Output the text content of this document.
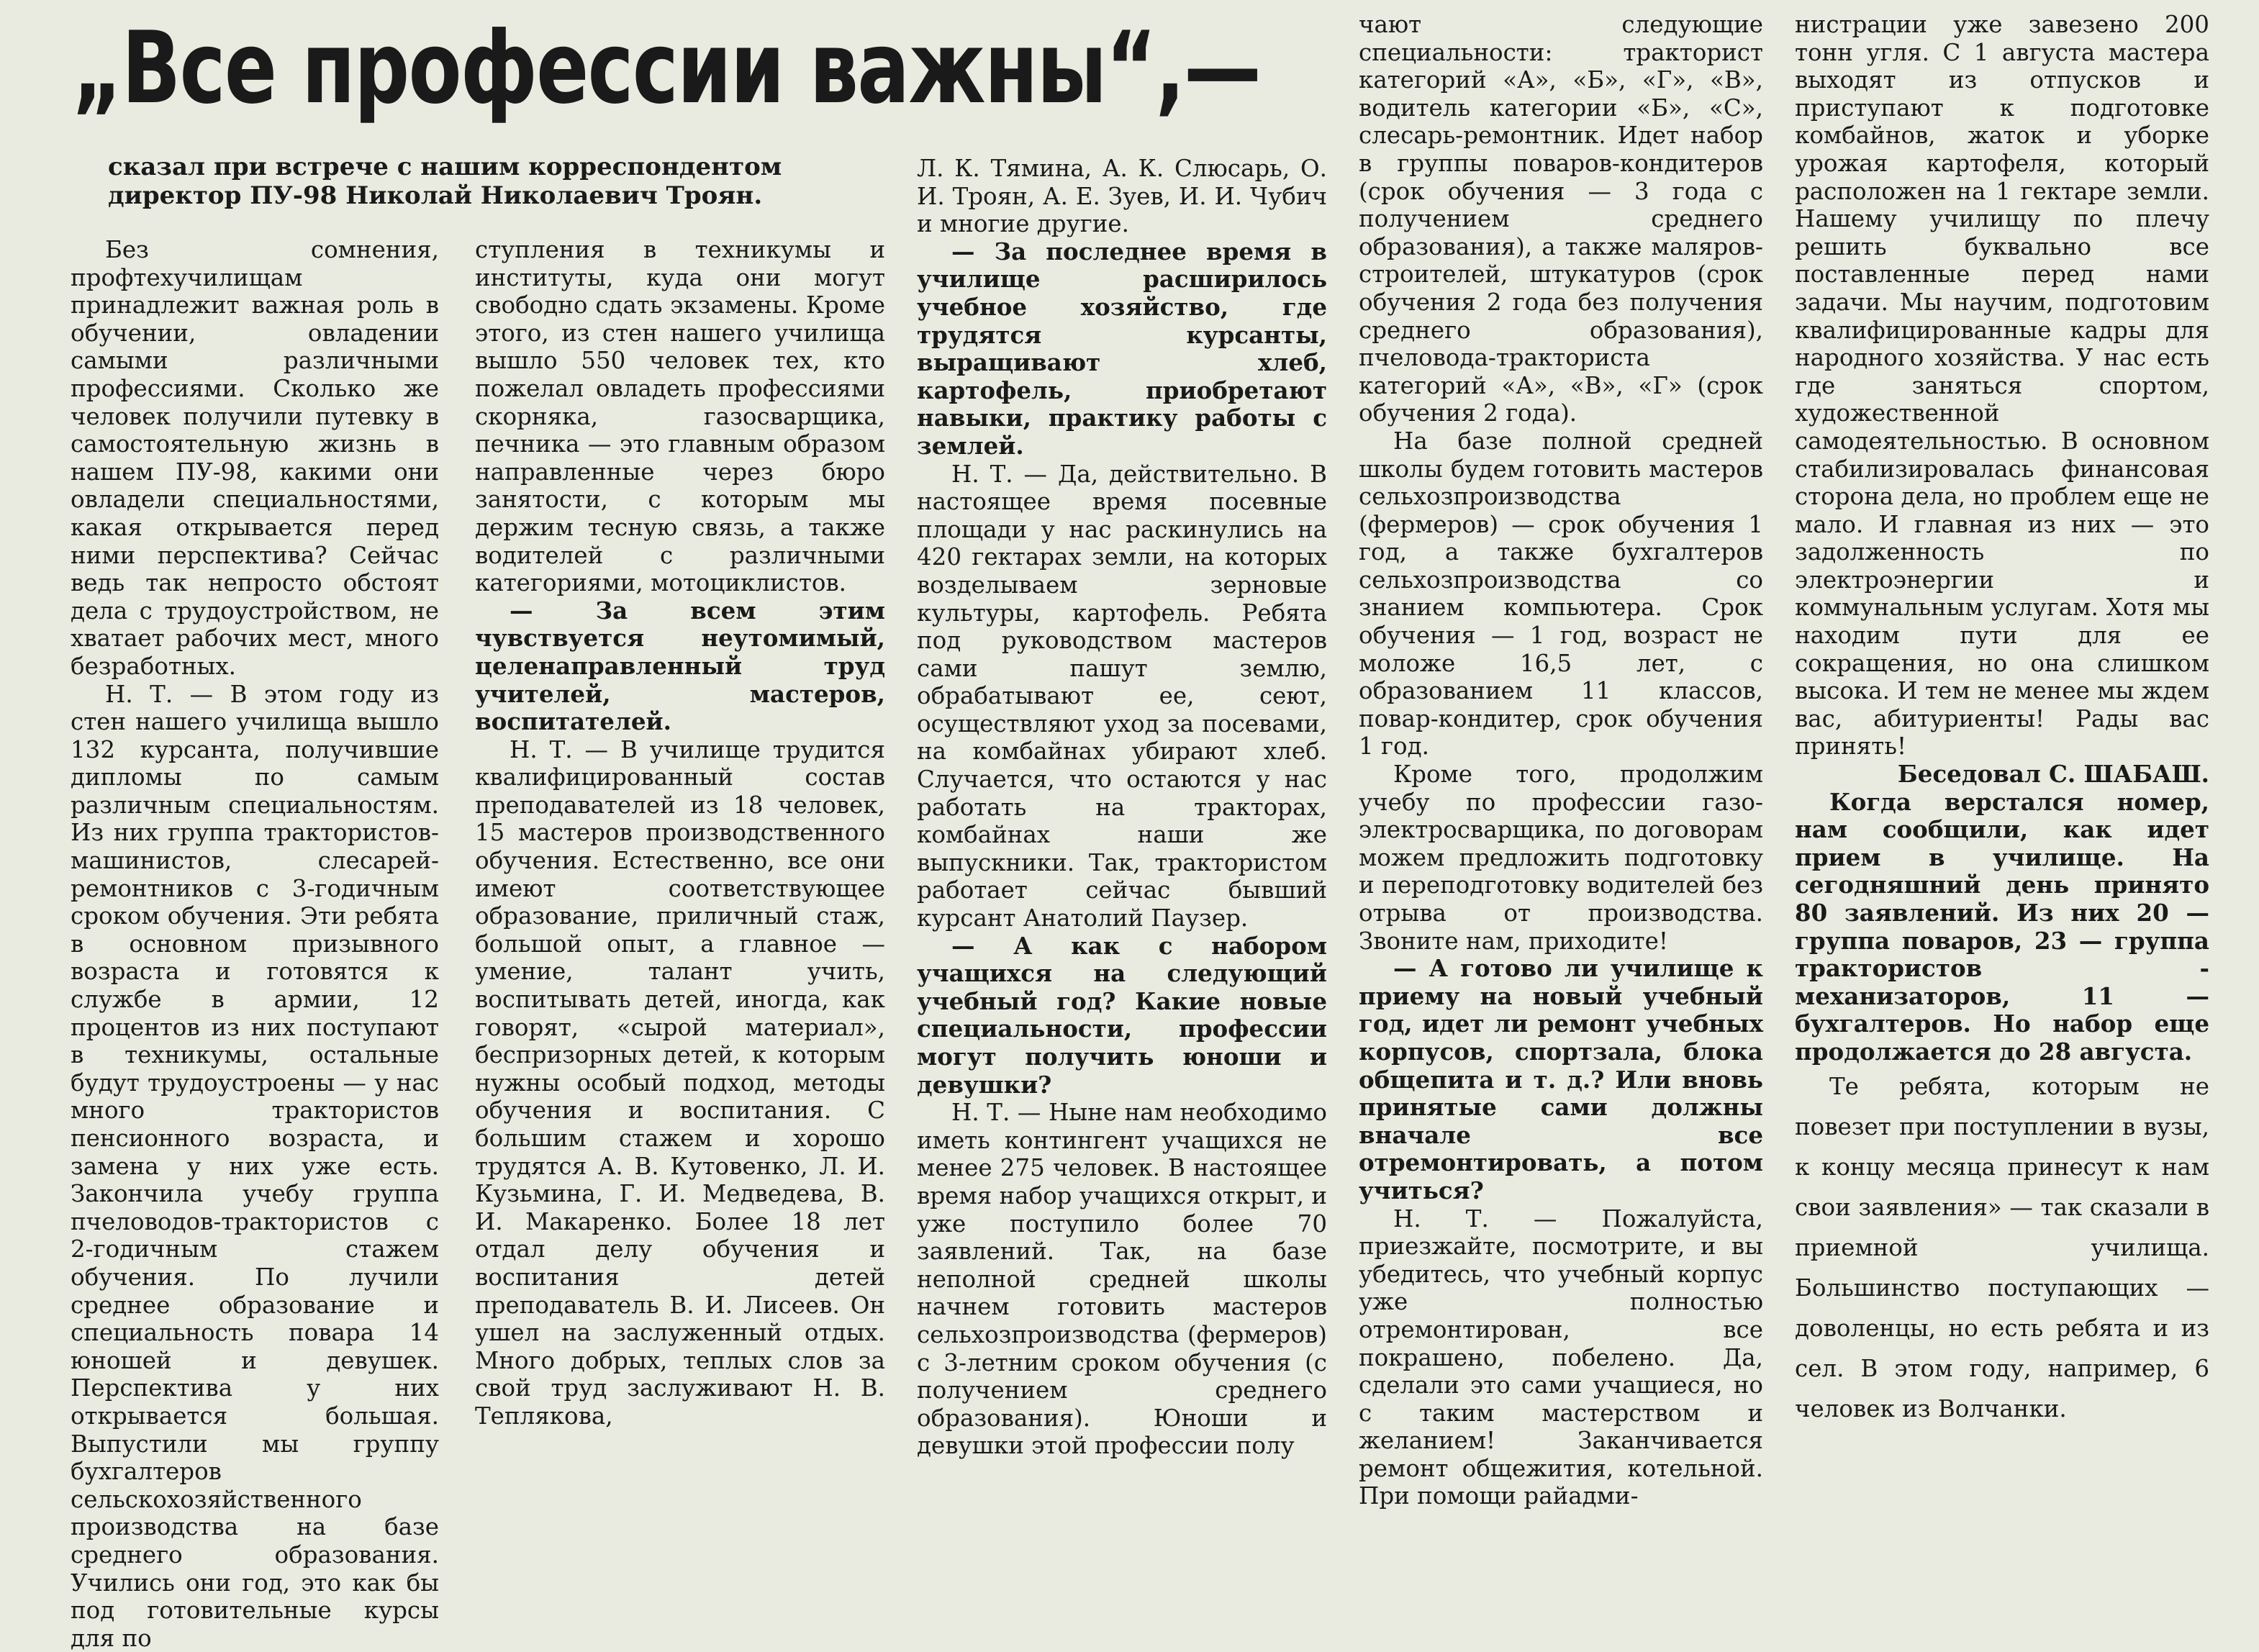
„Все профессии важны“,—
сказал при встрече с нашим корреспондентом директор ПУ-98 Николай Николаевич Троян.

Без сомнения, профтехучилищам принадлежит важная роль в обучении, овладении самыми различными профессиями. Сколько же человек получили путевку в самостоятельную жизнь в нашем ПУ-98, какими они овладели специальностями, какая открывается перед ними перспектива? Сейчас ведь так непросто обстоят дела с трудоустройством, не хватает рабочих мест, много безработных.

Н. Т. — В этом году из стен нашего училища вышло 132 курсанта, получившие дипломы по самым различным специальностям. Из них группа трактористов-машинистов, слесарей-ремонтников с 3-годичным сроком обучения. Эти ребята в основном призывного возраста и готовятся к службе в армии, 12 процентов из них поступают в техникумы, остальные будут трудоустроены — у нас много трактористов пенсионного возраста, и замена у них уже есть. Закончила учебу группа пчеловодов-трактористов с 2-годичным стажем обучения. По лучили среднее образование и специальность повара 14 юношей и девушек. Перспектива у них открывается большая. Выпустили мы группу бухгалтеров сельскохозяйственного производства на базе среднего образования. Учились они год, это как бы под готовительные курсы для по

ступления в техникумы и институты, куда они могут свободно сдать экзамены. Кроме этого, из стен нашего училища вышло 550 человек тех, кто пожелал овладеть профессиями скорняка, газосварщика, печника — это главным образом направленные через бюро занятости, с которым мы держим тесную связь, а также водителей с различными категориями, мотоциклистов.

— За всем этим чувствуется неутомимый, целенаправленный труд учителей, мастеров, воспитателей.

Н. Т. — В училище трудится квалифицированный состав преподавателей из 18 человек, 15 мастеров производственного обучения. Естественно, все они имеют соответствующее образование, приличный стаж, большой опыт, а главное — умение, талант учить, воспитывать детей, иногда, как говорят, «сырой материал», беспризорных детей, к которым нужны особый подход, методы обучения и воспитания. С большим стажем и хорошо трудятся А. В. Кутовенко, Л. И. Кузьмина, Г. И. Медведева, В. И. Макаренко. Более 18 лет отдал делу обучения и воспитания детей преподаватель В. И. Лисеев. Он ушел на заслуженный отдых. Много добрых, теплых слов за свой труд заслуживают Н. В. Теплякова,

Л. К. Тямина, А. К. Слюсарь, О. И. Троян, А. Е. Зуев, И. И. Чубич и многие другие.

— За последнее время в училище расширилось учебное хозяйство, где трудятся курсанты, выращивают хлеб, картофель, приобретают навыки, практику работы с землей.

Н. Т. — Да, действительно. В настоящее время посевные площади у нас раскинулись на 420 гектарах земли, на которых возделываем зерновые культуры, картофель. Ребята под руководством мастеров сами пашут землю, обрабатывают ее, сеют, осуществляют уход за посевами, на комбайнах убирают хлеб. Случается, что остаются у нас работать на тракторах, комбайнах наши же выпускники. Так, трактористом работает сейчас бывший курсант Анатолий Паузер.

— А как с набором учащихся на следующий учебный год? Какие новые специальности, профессии могут получить юноши и девушки?

Н. Т. — Ныне нам необходимо иметь контингент учащихся не менее 275 человек. В настоящее время набор учащихся открыт, и уже поступило более 70 заявлений. Так, на базе неполной средней школы начнем готовить мастеров сельхозпроизводства (фермеров) с 3-летним сроком обучения (с получением среднего образования). Юноши и девушки этой профессии полу

чают следующие специальности: тракторист категорий «А», «Б», «Г», «В», водитель категории «Б», «С», слесарь-ремонтник. Идет набор в группы поваров-кондитеров (срок обучения — 3 года с получением среднего образования), а также маляров-строителей, штукатуров (срок обучения 2 года без получения среднего образования), пчеловода-тракториста категорий «А», «В», «Г» (срок обучения 2 года).

На базе полной средней школы будем готовить мастеров сельхозпроизводства (фермеров) — срок обучения 1 год, а также бухгалтеров сельхозпроизводства со знанием компьютера. Срок обучения — 1 год, возраст не моложе 16,5 лет, с образованием 11 классов, повар-кондитер, срок обучения 1 год.

Кроме того, продолжим учебу по профессии газо-электросварщика, по договорам можем предложить подготовку и переподготовку водителей без отрыва от производства. Звоните нам, приходите!

— А готово ли училище к приему на новый учебный год, идет ли ремонт учебных корпусов, спортзала, блока общепита и т. д.? Или вновь принятые сами должны вначале все отремонтировать, а потом учиться?

Н. Т. — Пожалуйста, приезжайте, посмотрите, и вы убедитесь, что учебный корпус уже полностью отремонтирован, все покрашено, побелено. Да, сделали это сами учащиеся, но с таким мастерством и желанием! Заканчивается ремонт общежития, котельной. При помощи райадми-

нистрации уже завезено 200 тонн угля. С 1 августа мастера выходят из отпусков и приступают к подготовке комбайнов, жаток и уборке урожая картофеля, который расположен на 1 гектаре земли. Нашему училищу по плечу решить буквально все поставленные перед нами задачи. Мы научим, подготовим квалифицированные кадры для народного хозяйства. У нас есть где заняться спортом, художественной самодеятельностью. В основном стабилизировалась финансовая сторона дела, но проблем еще не мало. И главная из них — это задолженность по электроэнергии и коммунальным услугам. Хотя мы находим пути для ее сокращения, но она слишком высока. И тем не менее мы ждем вас, абитуриенты! Рады вас принять!

Беседовал С. ШАБАШ.

Когда верстался номер, нам сообщили, как идет прием в училище. На сегодняшний день принято 80 заявлений. Из них 20 — группа поваров, 23 — группа трактористов - механизаторов, 11 — бухгалтеров. Но набор еще продолжается до 28 августа.

Те ребята, которым не повезет при поступлении в вузы, к концу месяца принесут к нам свои заявления» — так сказали в приемной училища. Большинство поступающих — доволенцы, но есть ребята и из сел. В этом году, например, 6 человек из Волчанки.
